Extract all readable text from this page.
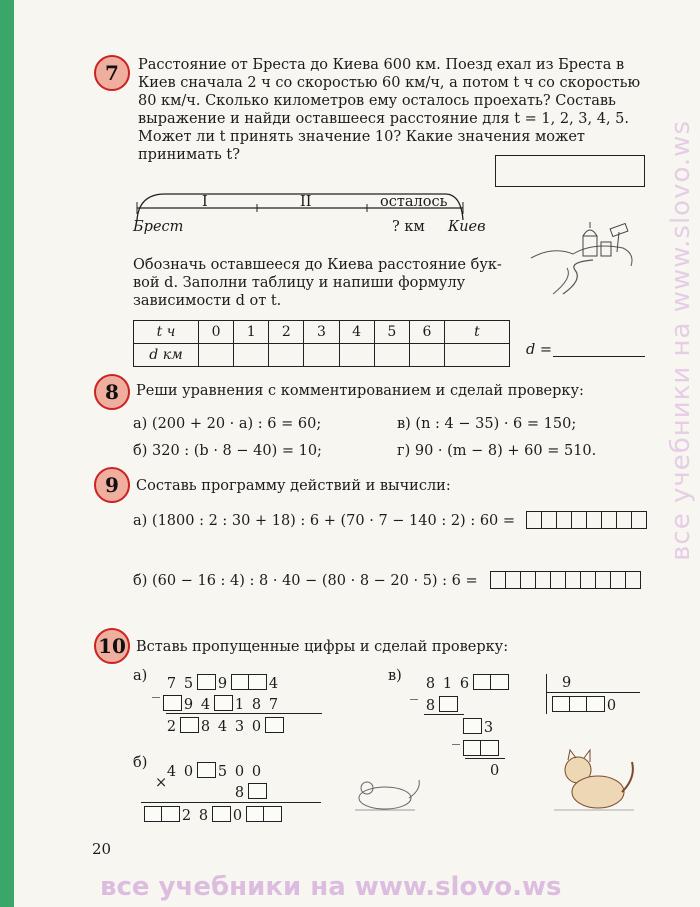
7	Расстояние от Бреста до Киева 600 км. Поезд ехал из Бреста в
Киев сначала 2 ч со скоростью 60 км/ч, а потом t ч со скоростью
80 км/ч. Сколько километров ему осталось проехать? Составь
выражение и найди оставшееся расстояние для t = 1, 2, 3, 4, 5.
Может ли t принять значение 10? Какие значения может
принимать t?
I	II	осталось
Брест	? км Киев
Обозначь оставшееся до Киева расстояние бук-
вой d. Заполни таблицу и напиши формулу
зависимости d от t.
t ч	0	1	2	3	4	5	6	t
d км									d =
8	Реши уравнения с комментированием и сделай проверку:
а) (200 + 20 · a) : 6 = 60;
б) 320 : (b · 8 − 40) = 10;
в) (n : 4 − 35) · 6 = 150;
г) 90 · (m − 8) + 60 = 510.
9	Составь программу действий и вычисли:
а) (1800 : 2 : 30 + 18) : 6 + (70 · 7 − 140 : 2) : 60 =
б) (60 − 16 : 4) : 8 · 40 − (80 · 8 − 20 · 5) : 6 =
10 Вставь пропущенные цифры и сделай проверку:
а)
_ 7 5 9	4
9 4 1 8 7
2 8 4 3 0
б)
4 0 5 0 0
×
8
2 8 0
в)
_ 8 1 6	9
0
8
_	3
0
20
все учебники на www.slovo.ws
все учебники на www.slovo.ws
